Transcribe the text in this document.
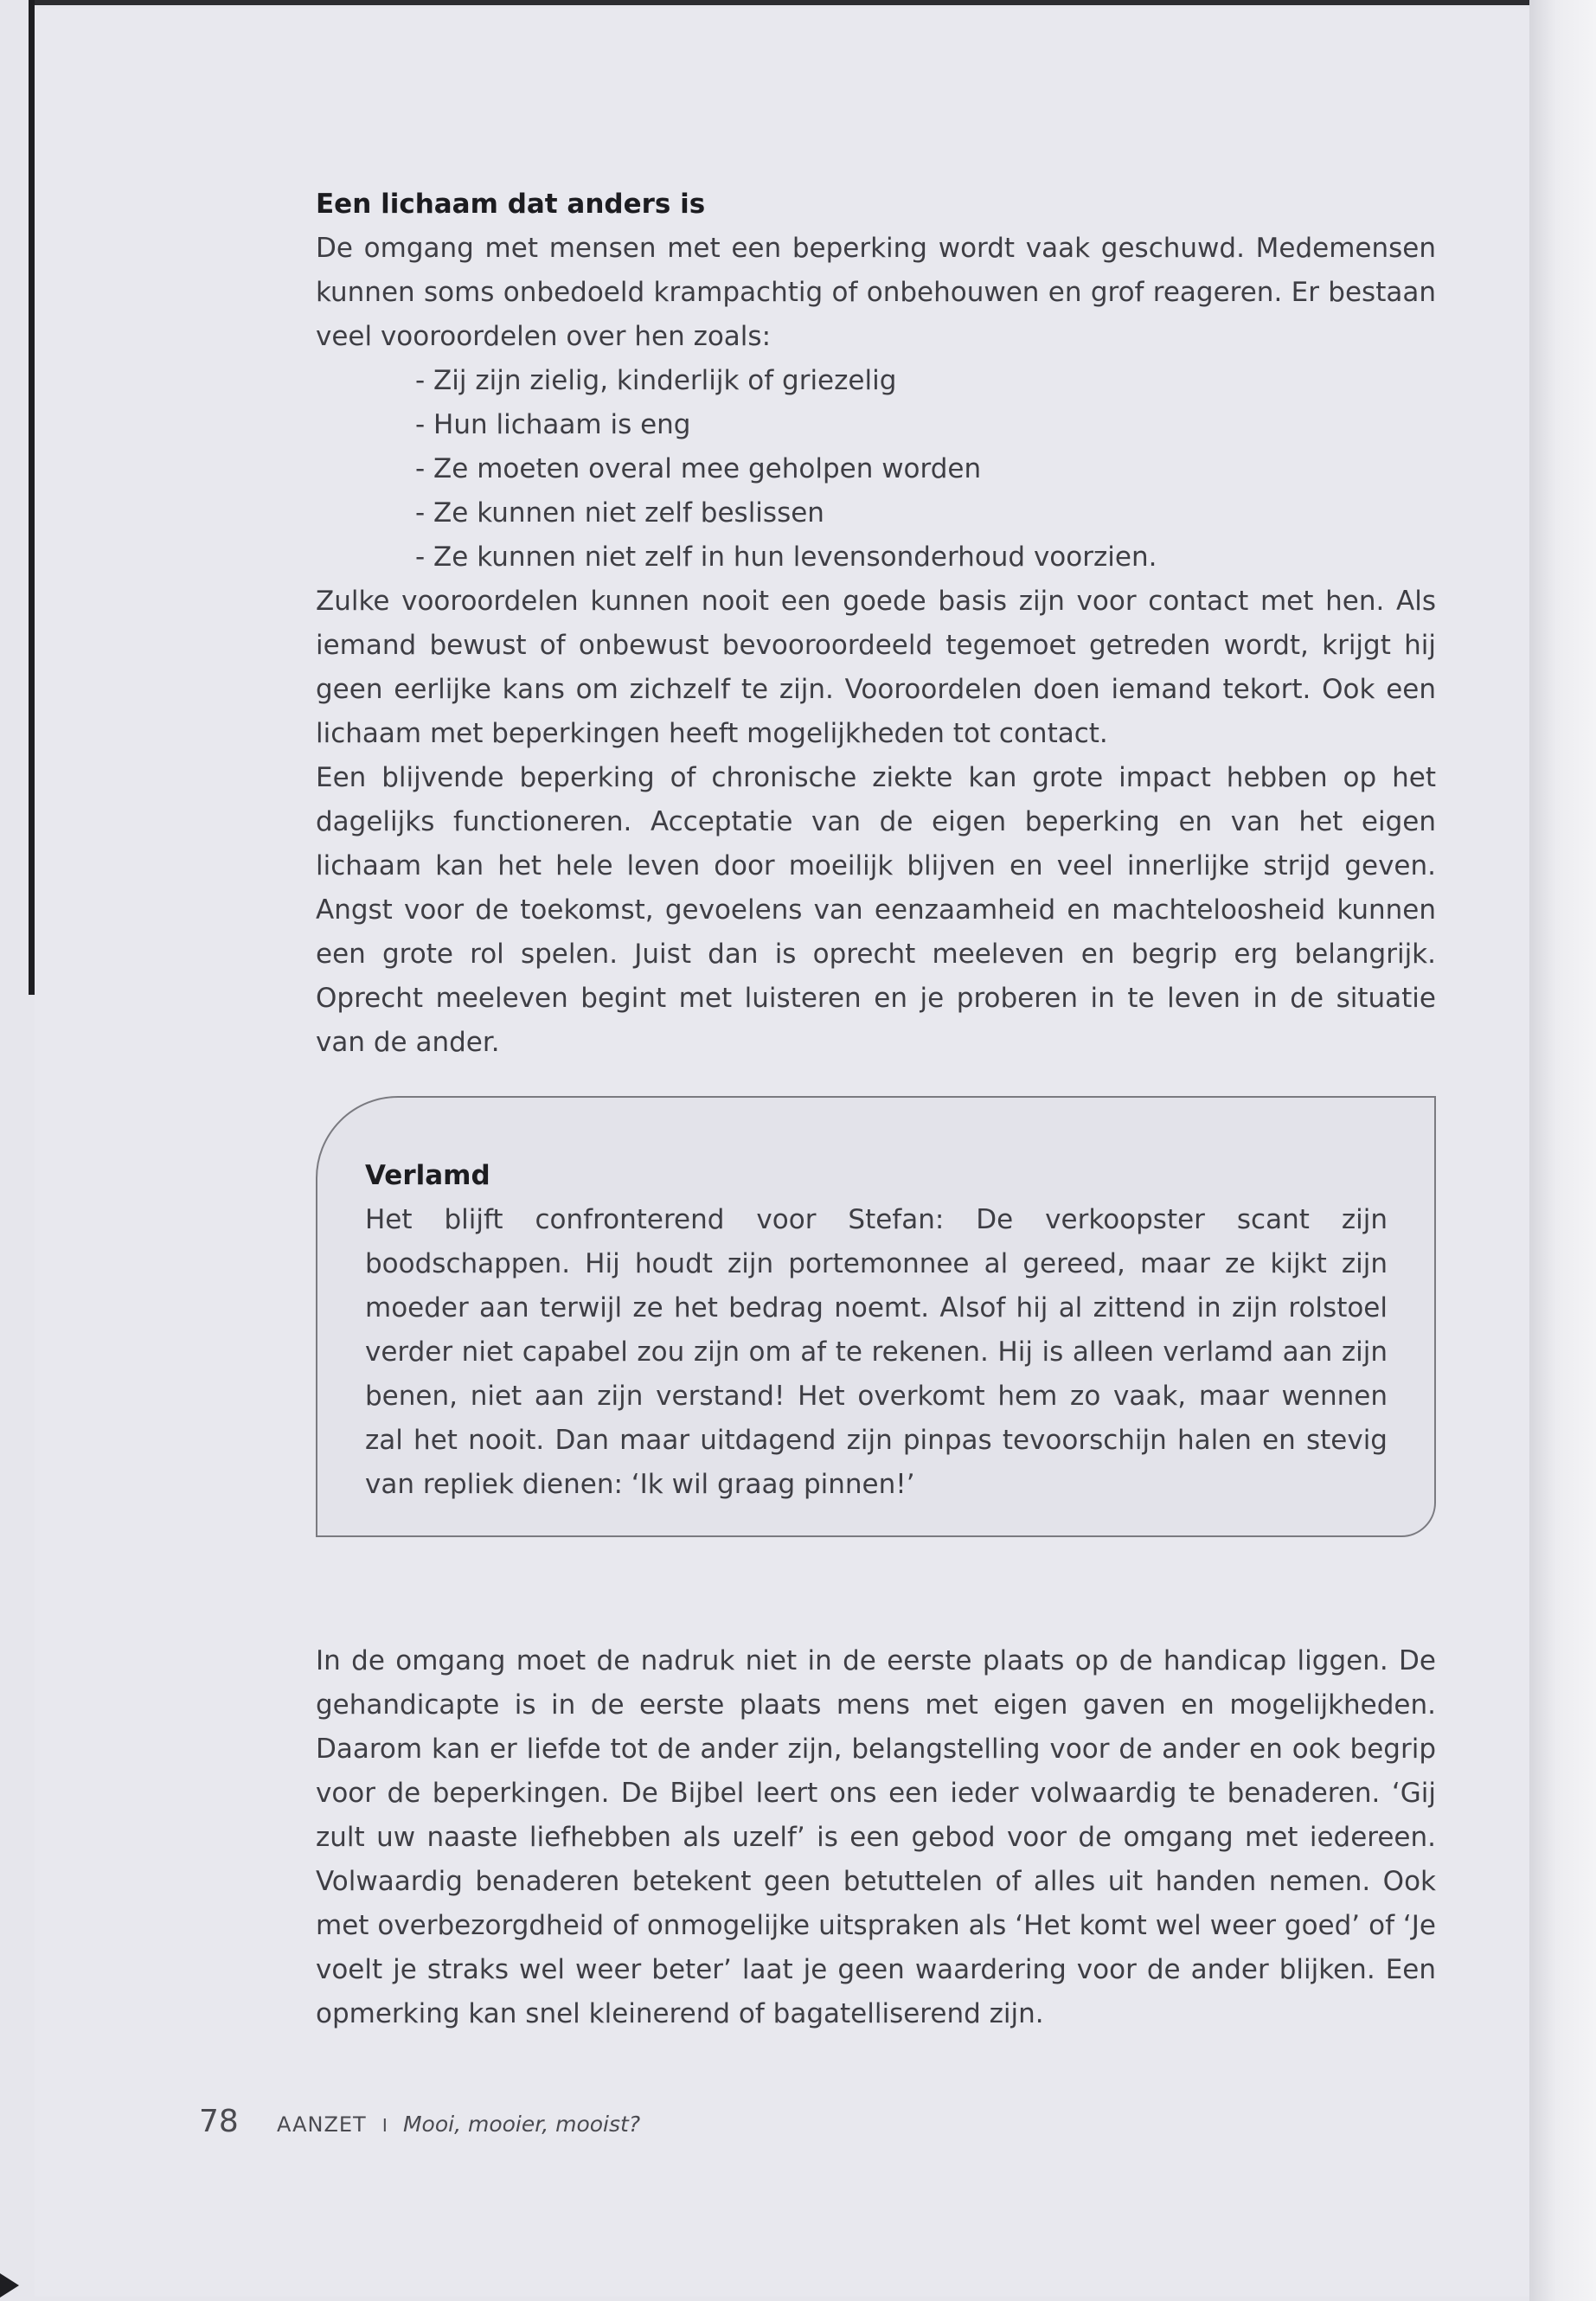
Een lichaam dat anders is

De omgang met mensen met een beperking wordt vaak geschuwd. Medemensen kunnen soms onbedoeld krampachtig of onbehouwen en grof reageren. Er bestaan veel vooroordelen over hen zoals:

- Zij zijn zielig, kinderlijk of griezelig
- Hun lichaam is eng
- Ze moeten overal mee geholpen worden
- Ze kunnen niet zelf beslissen
- Ze kunnen niet zelf in hun levensonderhoud voorzien.

Zulke vooroordelen kunnen nooit een goede basis zijn voor contact met hen. Als iemand bewust of onbewust bevooroordeeld tegemoet getreden wordt, krijgt hij geen eerlijke kans om zichzelf te zijn. Vooroordelen doen iemand tekort. Ook een lichaam met beperkingen heeft mogelijkheden tot contact.

Een blijvende beperking of chronische ziekte kan grote impact hebben op het dagelijks functioneren. Acceptatie van de eigen beperking en van het eigen lichaam kan het hele leven door moeilijk blijven en veel innerlijke strijd geven. Angst voor de toekomst, gevoelens van eenzaamheid en machteloosheid kunnen een grote rol spelen. Juist dan is oprecht meeleven en begrip erg belangrijk. Oprecht meeleven begint met luisteren en je proberen in te leven in de situatie van de ander.

Verlamd

Het blijft confronterend voor Stefan: De verkoopster scant zijn boodschappen. Hij houdt zijn portemonnee al gereed, maar ze kijkt zijn moeder aan terwijl ze het bedrag noemt. Alsof hij al zittend in zijn rolstoel verder niet capabel zou zijn om af te rekenen. Hij is alleen verlamd aan zijn benen, niet aan zijn verstand! Het overkomt hem zo vaak, maar wennen zal het nooit. Dan maar uitdagend zijn pinpas tevoorschijn halen en stevig van repliek dienen: ‘Ik wil graag pinnen!’

In de omgang moet de nadruk niet in de eerste plaats op de handicap liggen. De gehandicapte is in de eerste plaats mens met eigen gaven en mogelijkheden. Daarom kan er liefde tot de ander zijn, belangstelling voor de ander en ook begrip voor de beperkingen. De Bijbel leert ons een ieder volwaardig te benaderen. ‘Gij zult uw naaste liefhebben als uzelf’ is een gebod voor de omgang met iedereen. Volwaardig benaderen betekent geen betuttelen of alles uit handen nemen. Ook met overbezorgdheid of onmogelijke uitspraken als ‘Het komt wel weer goed’ of ‘Je voelt je straks wel weer beter’ laat je geen waardering voor de ander blijken. Een opmerking kan snel kleinerend of bagatelliserend zijn.

78 AANZET I Mooi, mooier, mooist?
